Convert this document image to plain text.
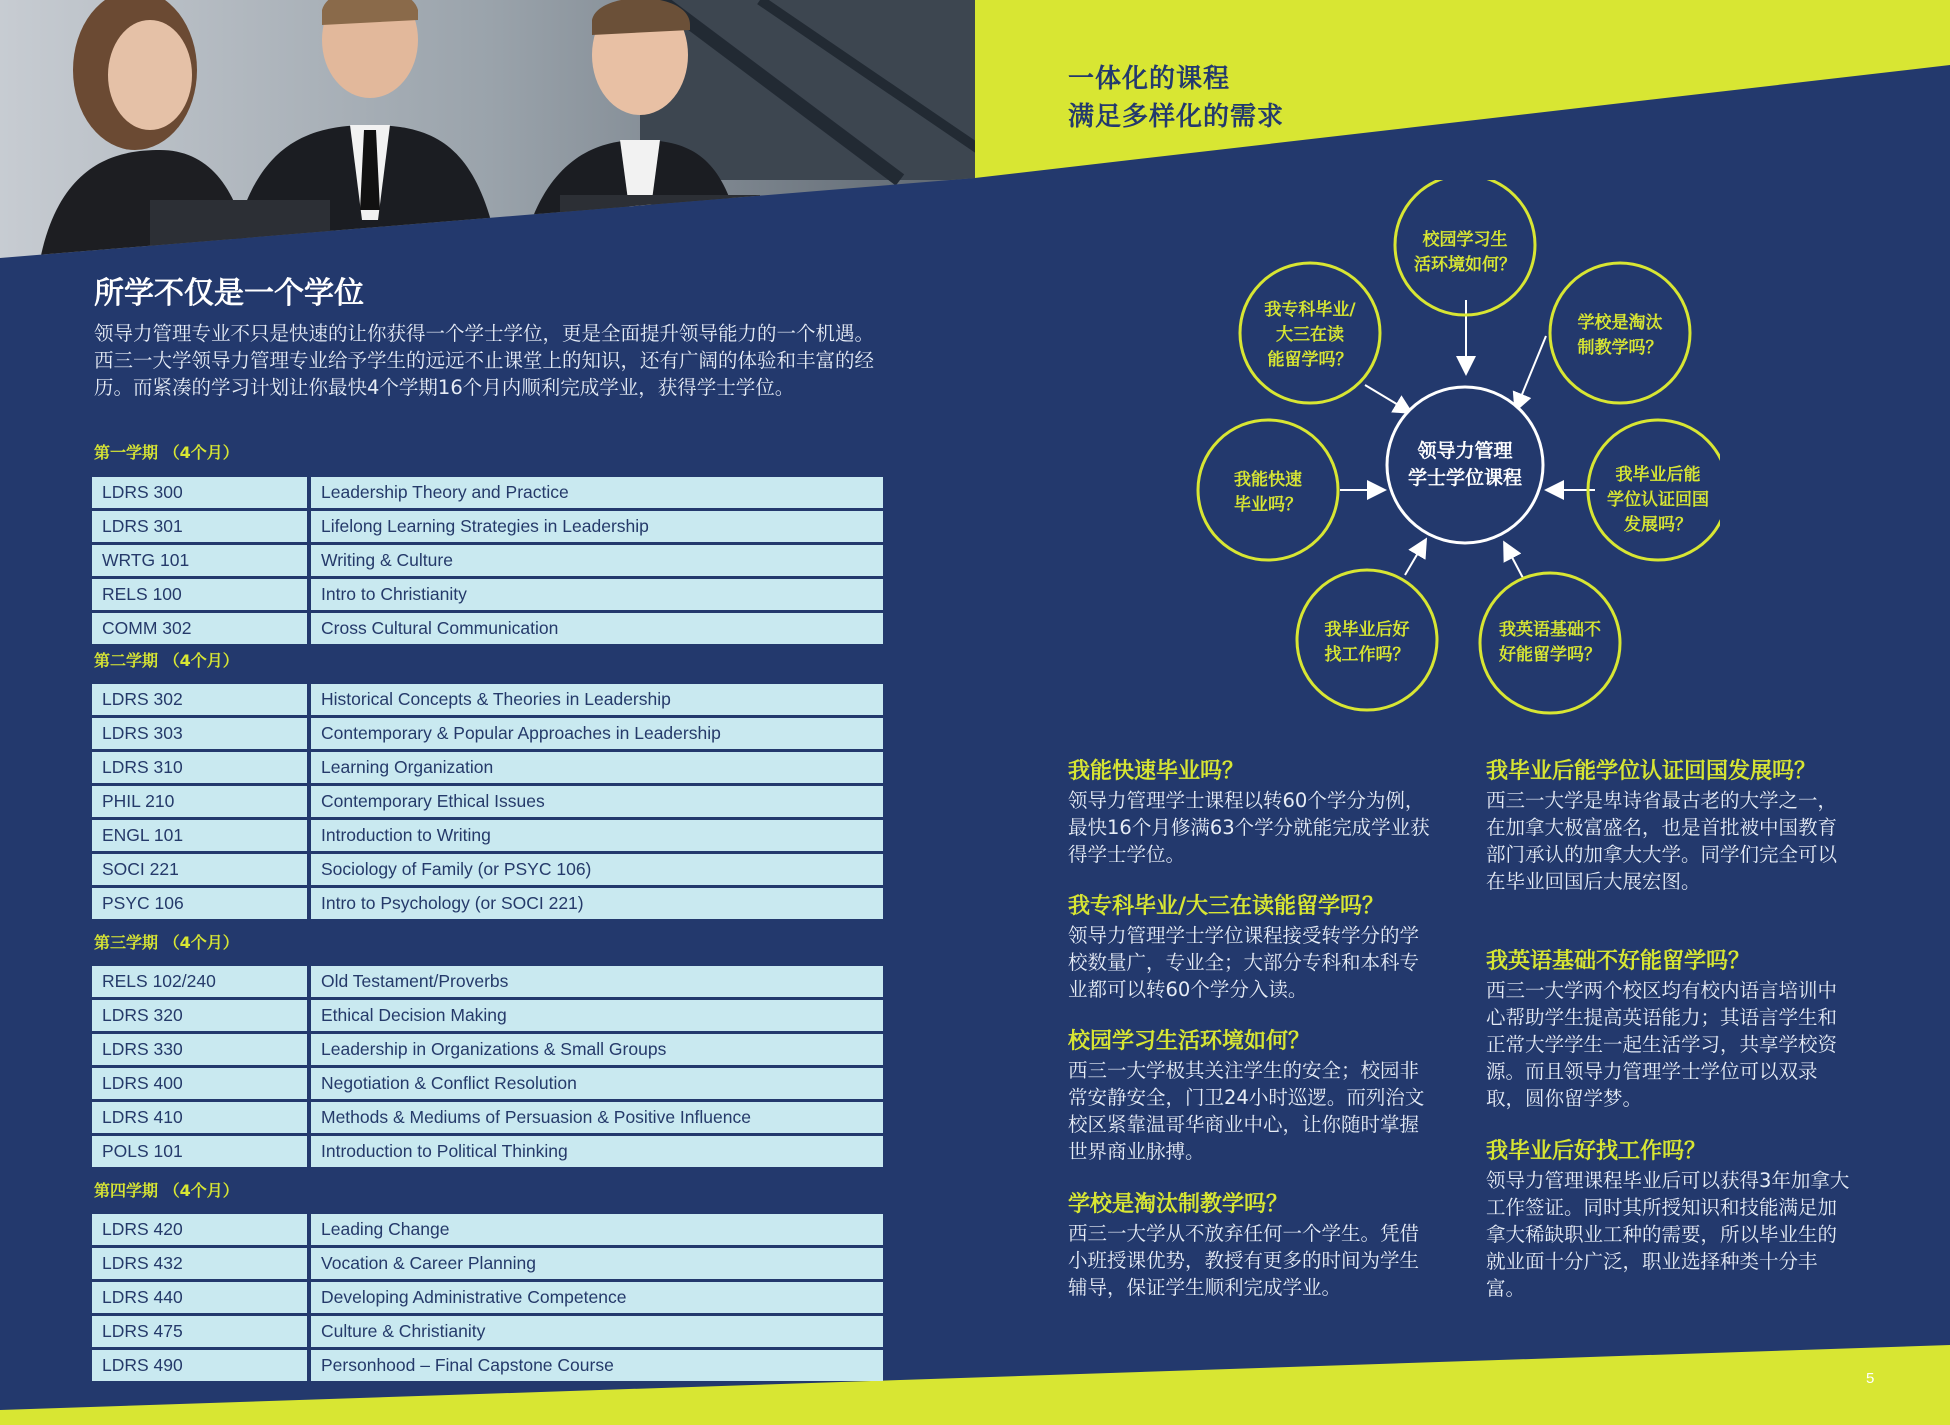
一体化的课程
满足多样化的需求
所学不仅是一个学位
领导力管理专业不只是快速的让你获得一个学士学位，更是全面提升领导能力的一个机遇。西三一大学领导力管理专业给予学生的远远不止课堂上的知识，还有广阔的体验和丰富的经历。而紧凑的学习计划让你最快4个学期16个月内顺利完成学业，获得学士学位。
第一学期 （4个月）
LDRS 300	Leadership Theory and Practice
LDRS 301	Lifelong Learning Strategies in Leadership
WRTG 101	Writing & Culture
RELS 100	Intro to Christianity
COMM 302	Cross Cultural Communication
第二学期 （4个月）
LDRS 302	Historical Concepts & Theories in Leadership
LDRS 303	Contemporary & Popular Approaches in Leadership
LDRS 310	Learning Organization
PHIL 210	Contemporary Ethical Issues
ENGL 101	Introduction to Writing
SOCI 221	Sociology of Family (or PSYC 106)
PSYC 106	Intro to Psychology (or SOCI 221)
第三学期 （4个月）
RELS 102/240	Old Testament/Proverbs
LDRS 320	Ethical Decision Making
LDRS 330	Leadership in Organizations & Small Groups
LDRS 400	Negotiation & Conflict Resolution
LDRS 410	Methods & Mediums of Persuasion & Positive Influence
POLS 101	Introduction to Political Thinking
第四学期 （4个月）
LDRS 420	Leading Change
LDRS 432	Vocation & Career Planning
LDRS 440	Developing Administrative Competence
LDRS 475	Culture & Christianity
LDRS 490	Personhood – Final Capstone Course
领导力管理
学士学位课程
校园学习生
活环境如何？
学校是淘汰
制教学吗？
我毕业后能
学位认证回国
发展吗？
我英语基础不
好能留学吗？
我毕业后好
找工作吗？
我能快速
毕业吗？
我专科毕业/
大三在读
能留学吗？
我能快速毕业吗？

领导力管理学士课程以转60个学分为例，最快16个月修满63个学分就能完成学业获得学士学位。

我专科毕业/大三在读能留学吗？

领导力管理学士学位课程接受转学分的学校数量广，专业全；大部分专科和本科专业都可以转60个学分入读。

校园学习生活环境如何？

西三一大学极其关注学生的安全；校园非常安静安全，门卫24小时巡逻。而列治文校区紧靠温哥华商业中心，让你随时掌握世界商业脉搏。

学校是淘汰制教学吗？

西三一大学从不放弃任何一个学生。凭借小班授课优势，教授有更多的时间为学生辅导，保证学生顺利完成学业。

我毕业后能学位认证回国发展吗？

西三一大学是卑诗省最古老的大学之一，在加拿大极富盛名，也是首批被中国教育部门承认的加拿大大学。同学们完全可以在毕业回国后大展宏图。

我英语基础不好能留学吗？

西三一大学两个校区均有校内语言培训中心帮助学生提高英语能力；其语言学生和正常大学学生一起生活学习，共享学校资源。而且领导力管理学士学位可以双录取，圆你留学梦。

我毕业后好找工作吗？

领导力管理课程毕业后可以获得3年加拿大工作签证。同时其所授知识和技能满足加拿大稀缺职业工种的需要，所以毕业生的就业面十分广泛，职业选择种类十分丰富。

5
